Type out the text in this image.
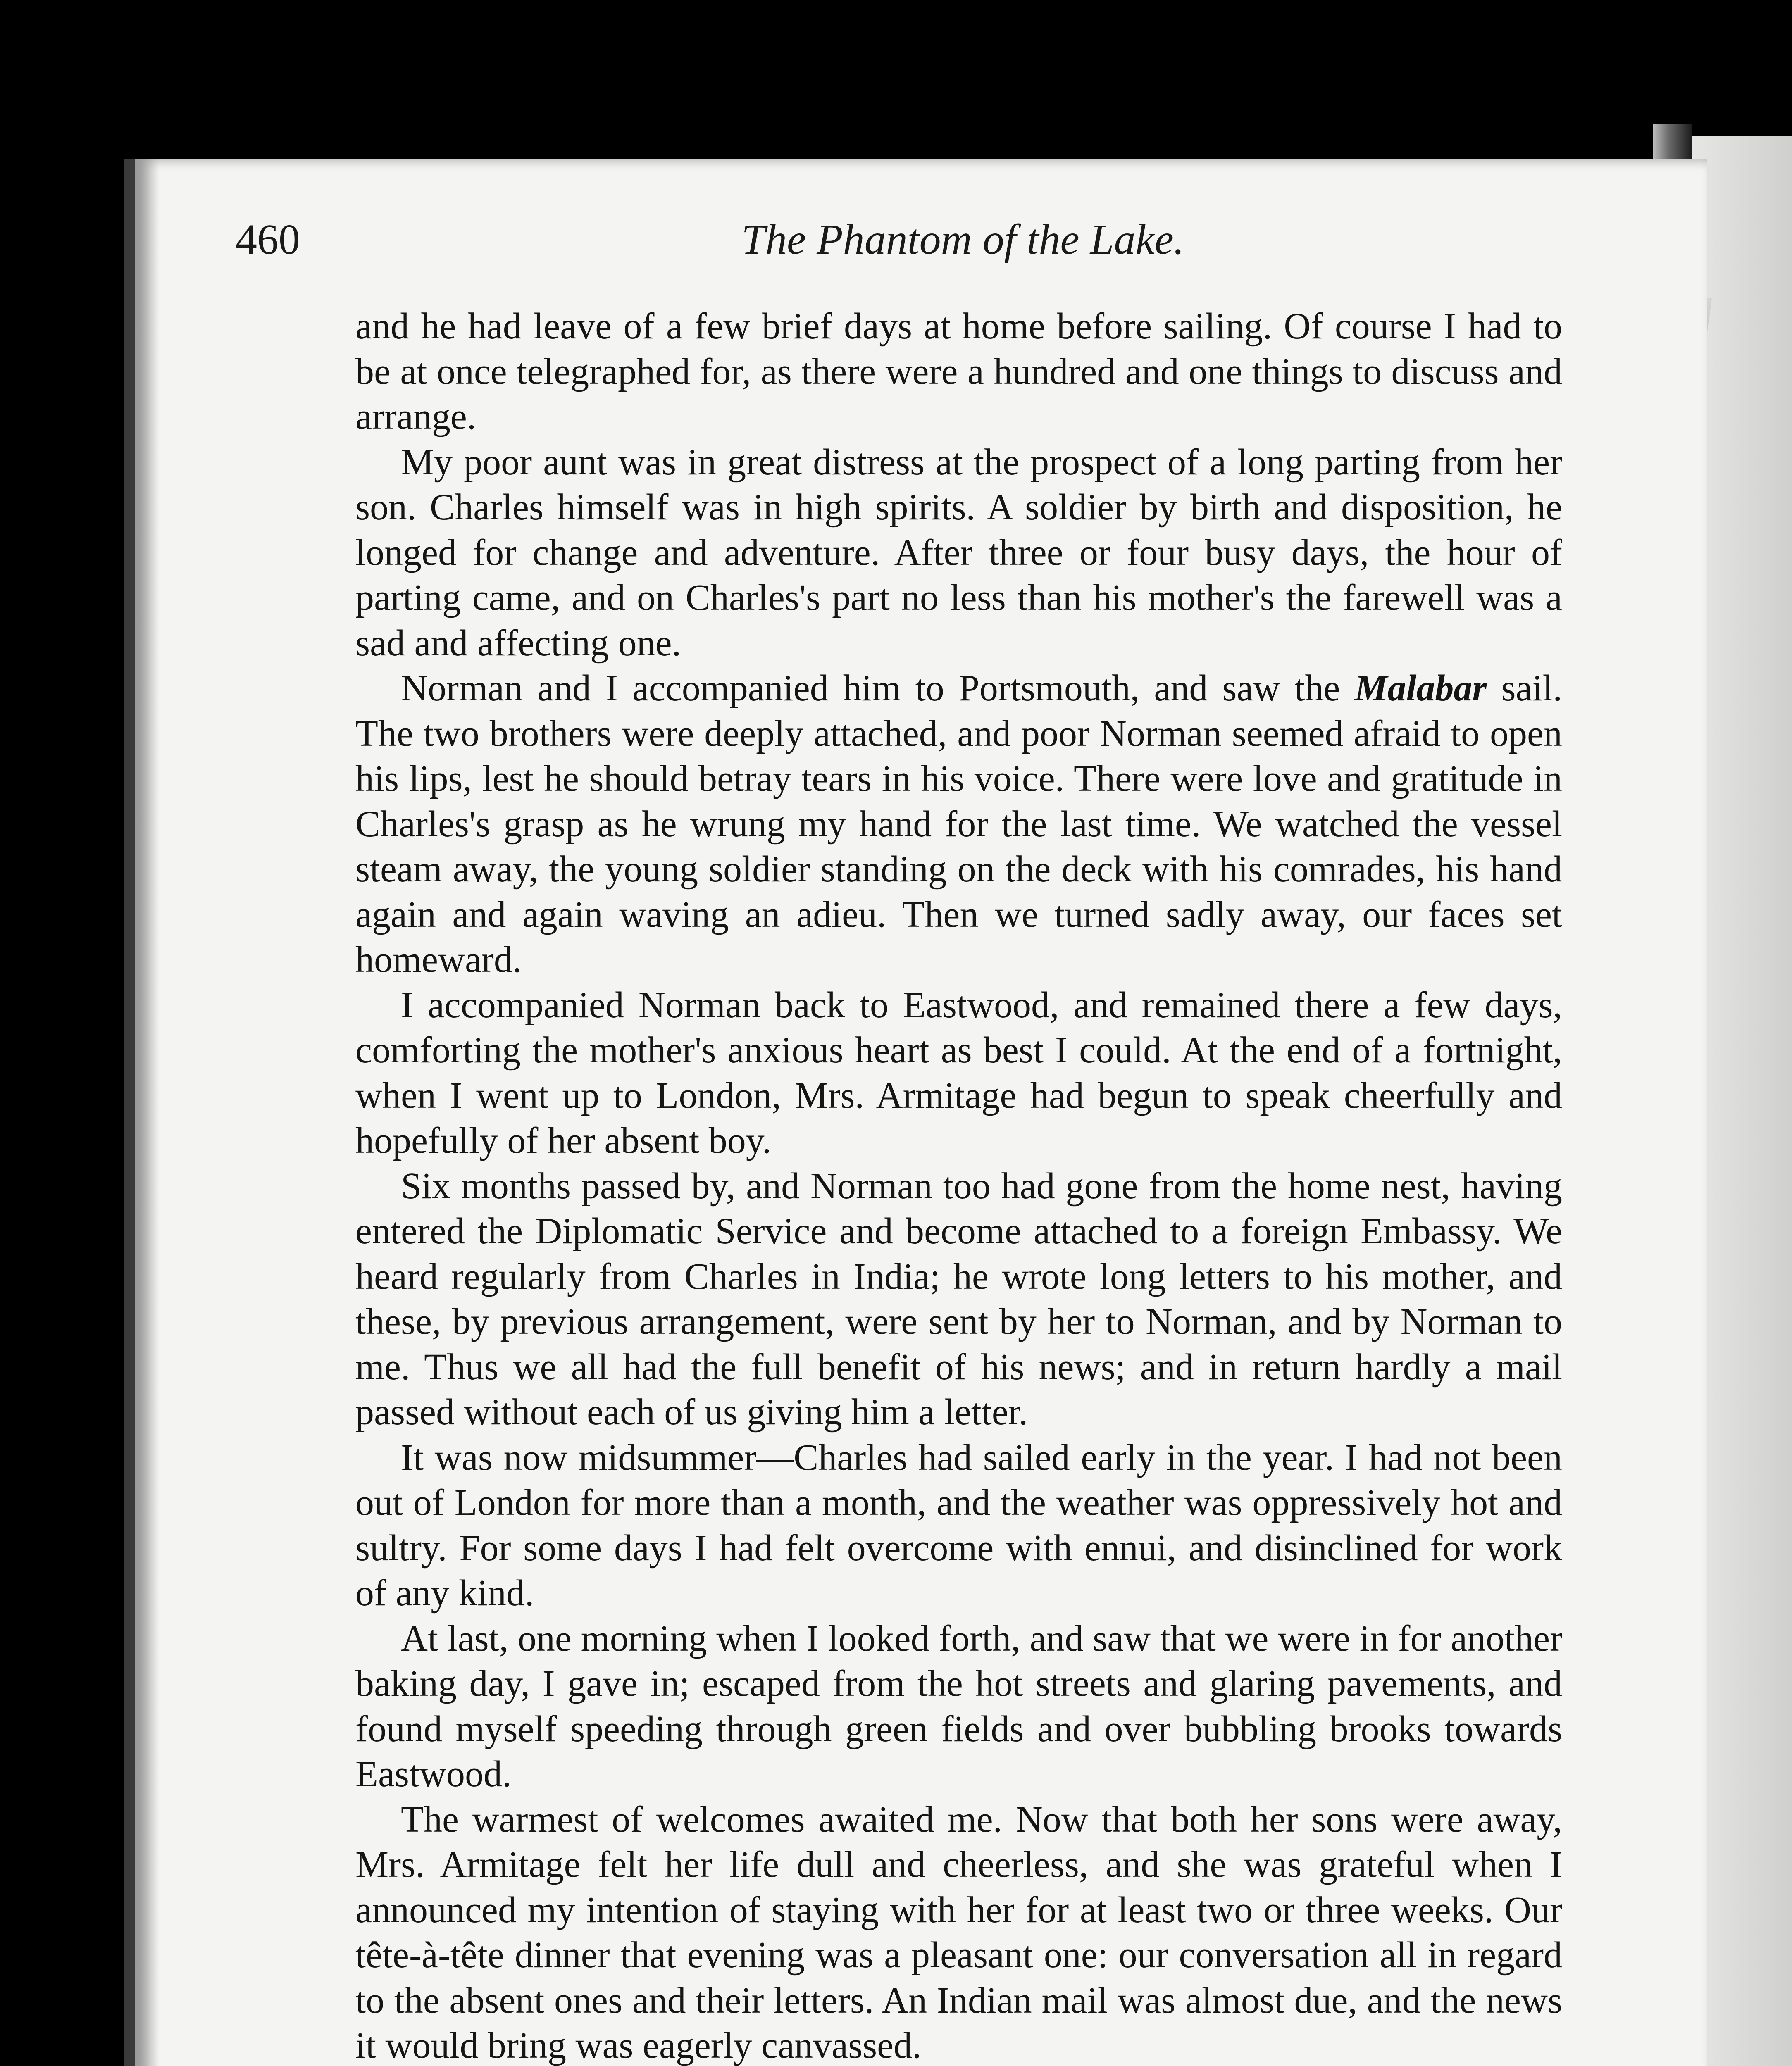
460	The Phantom of the Lake.

and he had leave of a few brief days at home before sailing. Of course I had to be at once telegraphed for, as there were a hundred and one things to discuss and arrange.

My poor aunt was in great distress at the prospect of a long parting from her son. Charles himself was in high spirits. A soldier by birth and disposition, he longed for change and adventure. After three or four busy days, the hour of parting came, and on Charles's part no less than his mother's the farewell was a sad and affecting one.

Norman and I accompanied him to Portsmouth, and saw the Malabar sail. The two brothers were deeply attached, and poor Norman seemed afraid to open his lips, lest he should betray tears in his voice. There were love and gratitude in Charles's grasp as he wrung my hand for the last time. We watched the vessel steam away, the young soldier standing on the deck with his comrades, his hand again and again waving an adieu. Then we turned sadly away, our faces set homeward.

I accompanied Norman back to Eastwood, and remained there a few days, comforting the mother's anxious heart as best I could. At the end of a fortnight, when I went up to London, Mrs. Armitage had begun to speak cheerfully and hopefully of her absent boy.

Six months passed by, and Norman too had gone from the home nest, having entered the Diplomatic Service and become attached to a foreign Embassy. We heard regularly from Charles in India; he wrote long letters to his mother, and these, by previous arrangement, were sent by her to Norman, and by Norman to me. Thus we all had the full benefit of his news; and in return hardly a mail passed without each of us giving him a letter.

It was now midsummer—Charles had sailed early in the year. I had not been out of London for more than a month, and the weather was oppressively hot and sultry. For some days I had felt overcome with ennui, and disinclined for work of any kind.

At last, one morning when I looked forth, and saw that we were in for another baking day, I gave in; escaped from the hot streets and glaring pavements, and found myself speeding through green fields and over bubbling brooks towards Eastwood.

The warmest of welcomes awaited me. Now that both her sons were away, Mrs. Armitage felt her life dull and cheerless, and she was grateful when I announced my intention of staying with her for at least two or three weeks. Our tête-à-tête dinner that evening was a pleasant one: our conversation all in regard to the absent ones and their letters. An Indian mail was almost due, and the news it would bring was eagerly canvassed.
